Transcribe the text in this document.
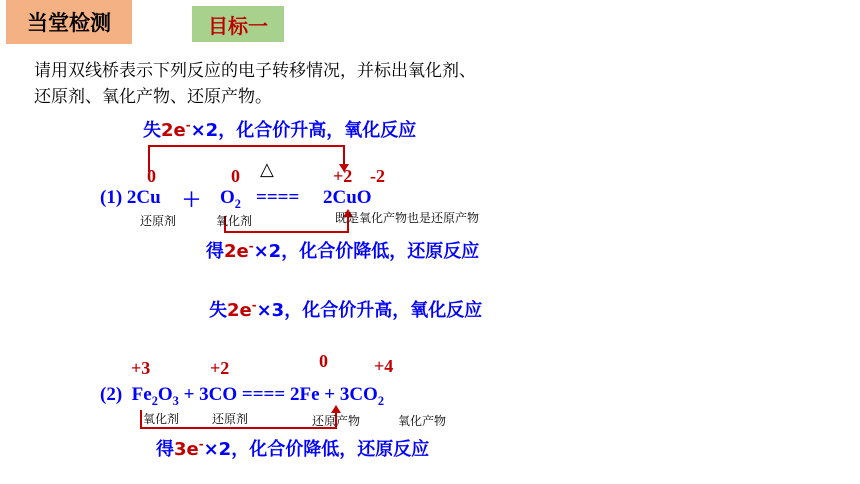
当堂检测	目标一
请用双线桥表示下列反应的电子转移情况，并标出氧化剂、
还原剂、氧化产物、还原产物。
失2e-×2，化合价升高，氧化反应
0	0 △	+2 -2
(1) $2Cu + O_2$ ==== 2CuO
还原剂	氧化剂	既是氧化产物也是还原产物
得2e-×2，化合价降低，还原反应
失2e-×3，化合价升高，氧化反应
+3	+2	0	+4
(2) $Fe_2O_3 + 3CO$ ==== $2Fe + 3CO_2$
氧化剂	还原剂	还原产物	氧化产物
得3e-×2，化合价降低，还原反应
